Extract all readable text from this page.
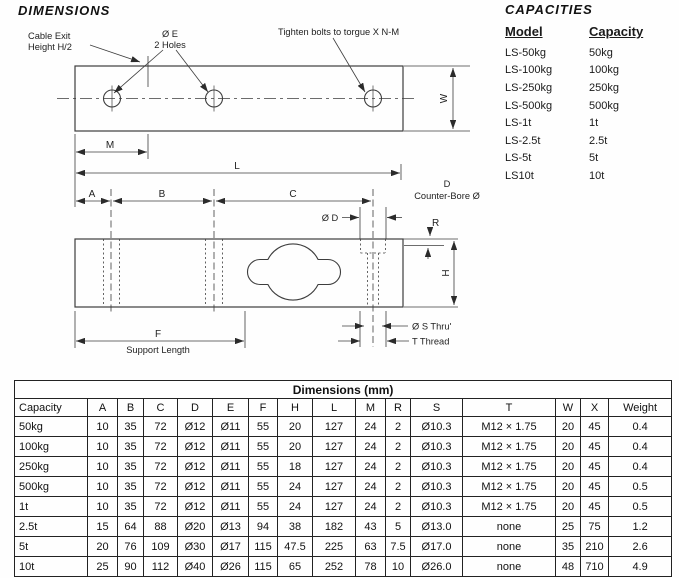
DIMENSIONS
Cable Exit
Height H/2
Ø E
2 Holes
Tighten bolts to torgue X N-M
W
M
L
A	B	C
Ø D
D
Counter-Bore Ø
R
H
F
Support Length
Ø S Thru'
T Thread
CAPACITIES
Model	Capacity
LS-50kg	50kg
LS-100kg	100kg
LS-250kg	250kg
LS-500kg	500kg
LS-1t	1t
LS-2.5t	2.5t
LS-5t	5t
LS10t	10t
Dimensions (mm)															
Capacity	A	B	C	D	E	F	H	L	M	R	S	T	W	X	Weight
50kg	10	35	72	Ø12	Ø11	55	20	127	24	2	Ø10.3	M12 × 1.75	20	45	0.4
100kg	10	35	72	Ø12	Ø11	55	20	127	24	2	Ø10.3	M12 × 1.75	20	45	0.4
250kg	10	35	72	Ø12	Ø11	55	18	127	24	2	Ø10.3	M12 × 1.75	20	45	0.4
500kg	10	35	72	Ø12	Ø11	55	24	127	24	2	Ø10.3	M12 × 1.75	20	45	0.5
1t	10	35	72	Ø12	Ø11	55	24	127	24	2	Ø10.3	M12 × 1.75	20	45	0.5
2.5t	15	64	88	Ø20	Ø13	94	38	182	43	5	Ø13.0	none	25	75	1.2
5t	20	76	109	Ø30	Ø17	115	47.5	225	63	7.5	Ø17.0	none	35	210	2.6
10t	25	90	112	Ø40	Ø26	115	65	252	78	10	Ø26.0	none	48	710	4.9
